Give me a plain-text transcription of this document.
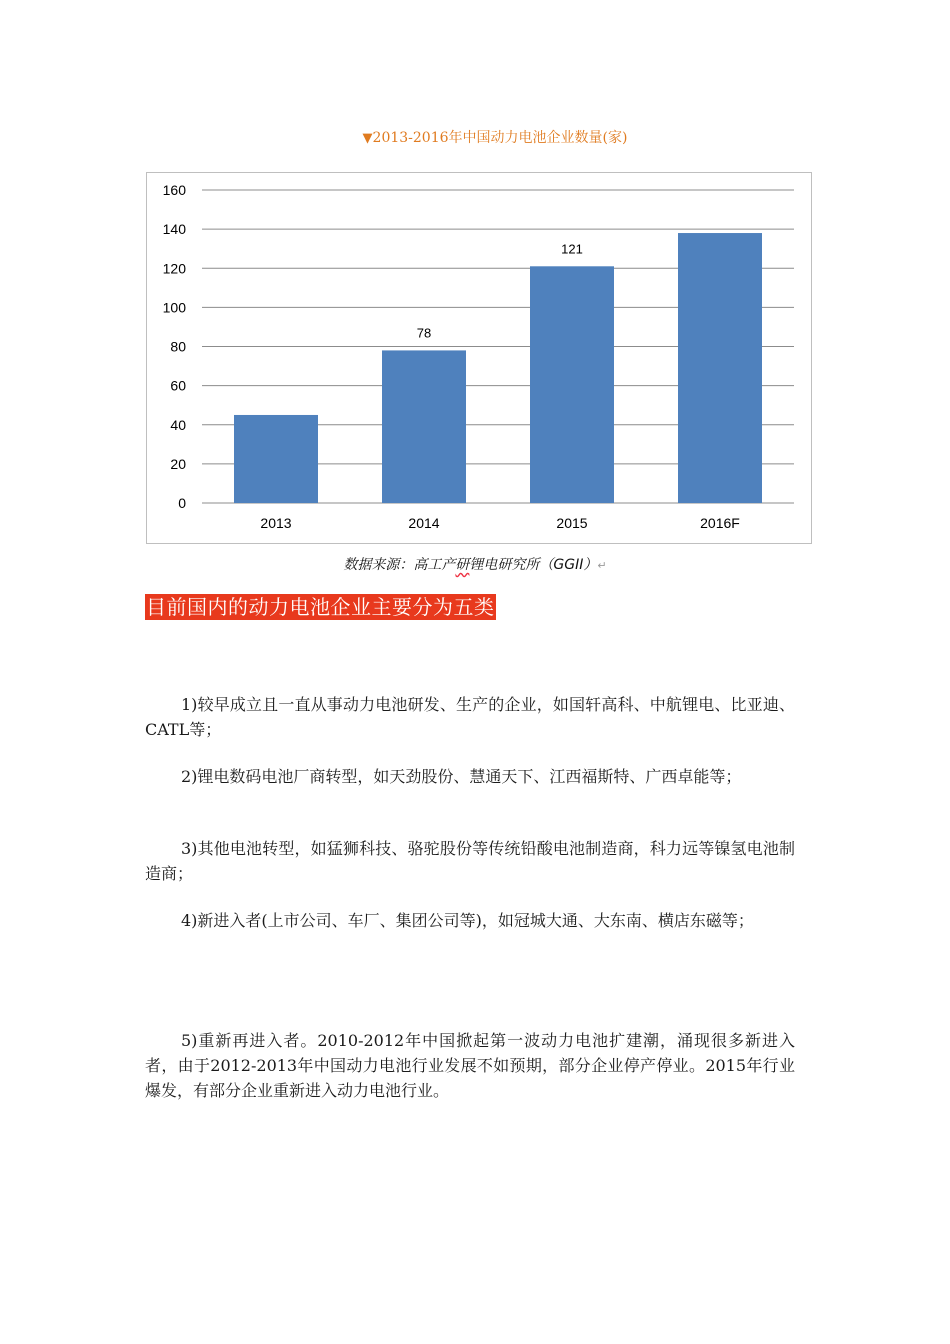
▼2013-2016年中国动力电池企业数量(家)
0
20
40
60
80
100
120
140
160
2013	2014
78
2015
121
2016F
数据来源：高工产研锂电研究所（GGII）↵
目前国内的动力电池企业主要分为五类

1)较早成立且一直从事动力电池研发、生产的企业，如国轩高科、中航锂电、比亚迪、CATL等；

2)锂电数码电池厂商转型，如天劲股份、慧通天下、江西福斯特、广西卓能等；

3)其他电池转型，如猛狮科技、骆驼股份等传统铅酸电池制造商，科力远等镍氢电池制造商；

4)新进入者(上市公司、车厂、集团公司等)，如冠城大通、大东南、横店东磁等；

5)重新再进入者。2010-2012年中国掀起第一波动力电池扩建潮，涌现很多新进入者，由于2012-2013年中国动力电池行业发展不如预期，部分企业停产停业。2015年行业爆发，有部分企业重新进入动力电池行业。
